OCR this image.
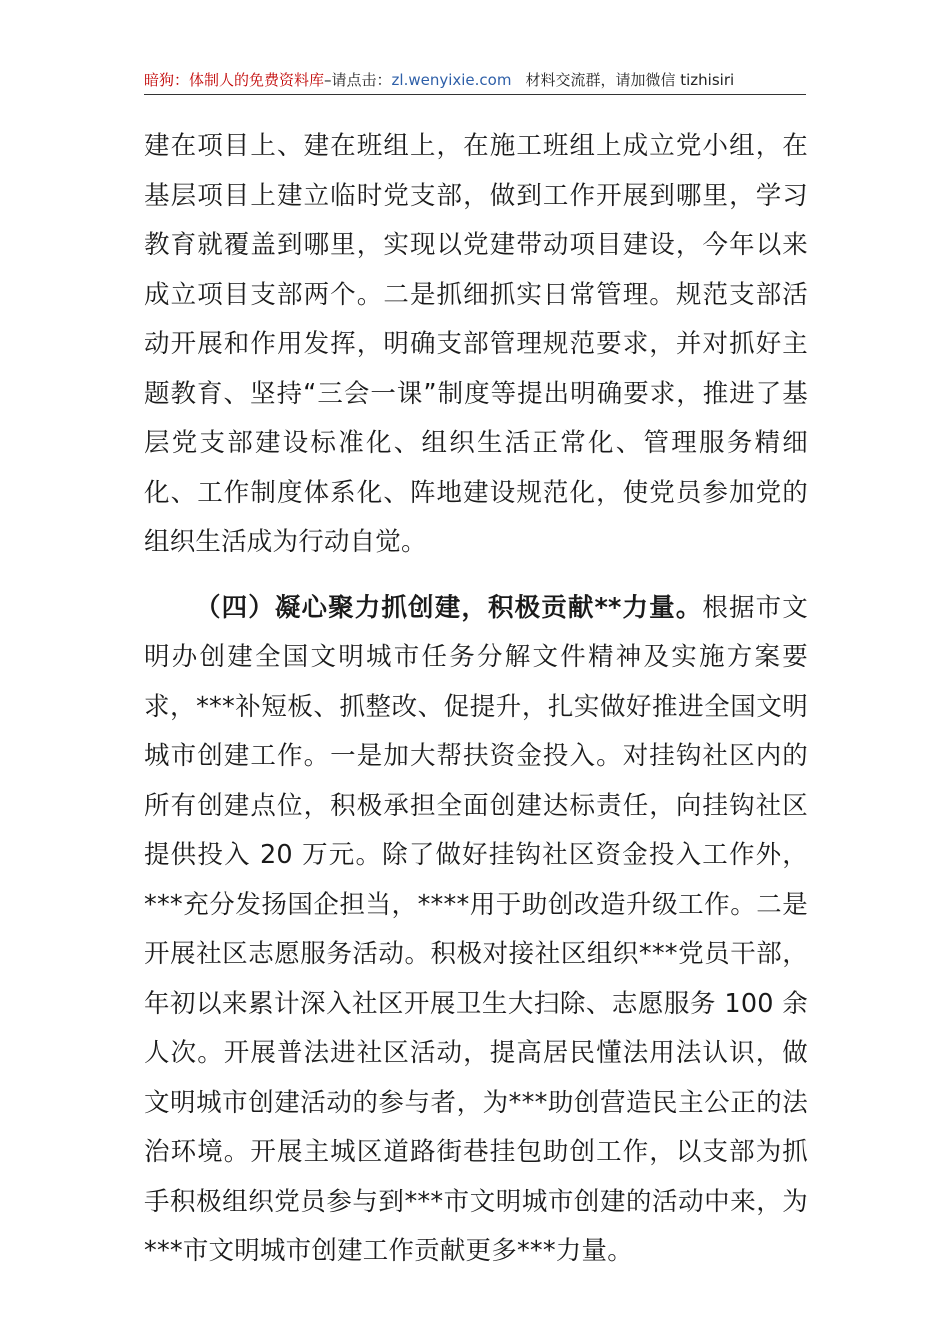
暗狗：体制人的免费资料库–请点击：zl.wenyixie.com 材料交流群，请加微信 tizhisiri

建在项目上、建在班组上，在施工班组上成立党小组，在基层项目上建立临时党支部，做到工作开展到哪里，学习教育就覆盖到哪里，实现以党建带动项目建设，今年以来成立项目支部两个。二是抓细抓实日常管理。规范支部活动开展和作用发挥，明确支部管理规范要求，并对抓好主题教育、坚持“三会一课”制度等提出明确要求，推进了基层党支部建设标准化、组织生活正常化、管理服务精细化、工作制度体系化、阵地建设规范化，使党员参加党的组织生活成为行动自觉。

（四）凝心聚力抓创建，积极贡献**力量。根据市文明办创建全国文明城市任务分解文件精神及实施方案要求，***补短板、抓整改、促提升，扎实做好推进全国文明城市创建工作。一是加大帮扶资金投入。对挂钩社区内的所有创建点位，积极承担全面创建达标责任，向挂钩社区提供投入 20 万元。除了做好挂钩社区资金投入工作外，***充分发扬国企担当，****用于助创改造升级工作。二是开展社区志愿服务活动。积极对接社区组织***党员干部，年初以来累计深入社区开展卫生大扫除、志愿服务 100 余人次。开展普法进社区活动，提高居民懂法用法认识，做文明城市创建活动的参与者，为***助创营造民主公正的法治环境。开展主城区道路街巷挂包助创工作，以支部为抓手积极组织党员参与到***市文明城市创建的活动中来，为***市文明城市创建工作贡献更多***力量。
